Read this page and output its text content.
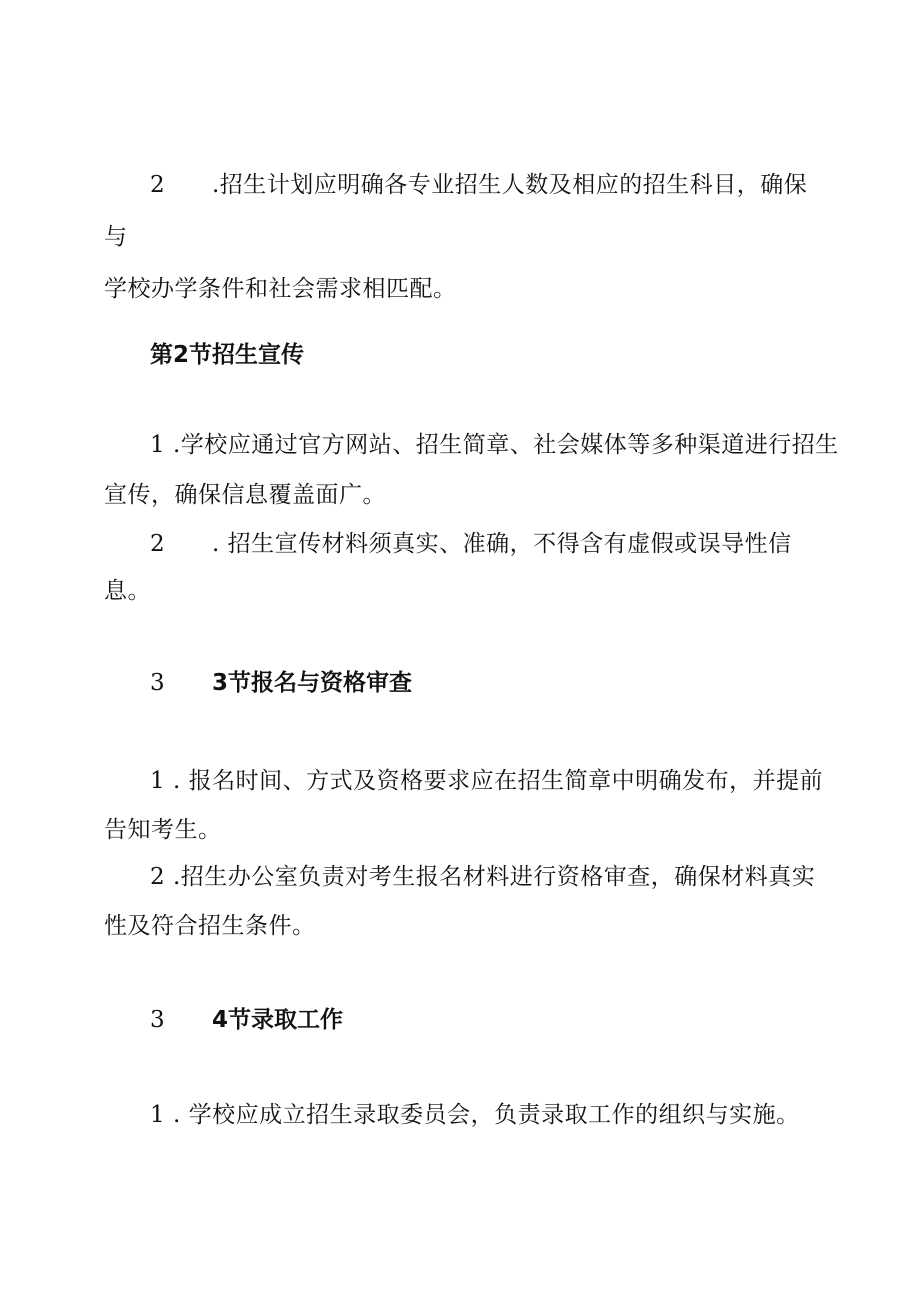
2 .招生计划应明确各专业招生人数及相应的招生科目，确保
与
学校办学条件和社会需求相匹配。
第2节招生宣传
1 .学校应通过官方网站、招生简章、社会媒体等多种渠道进行招生
宣传，确保信息覆盖面广。
2 . 招生宣传材料须真实、准确，不得含有虚假或误导性信
息。
3 3节报名与资格审查
1 . 报名时间、方式及资格要求应在招生简章中明确发布，并提前
告知考生。
2 .招生办公室负责对考生报名材料进行资格审查，确保材料真实
性及符合招生条件。
3 4节录取工作
1 . 学校应成立招生录取委员会，负责录取工作的组织与实施。
